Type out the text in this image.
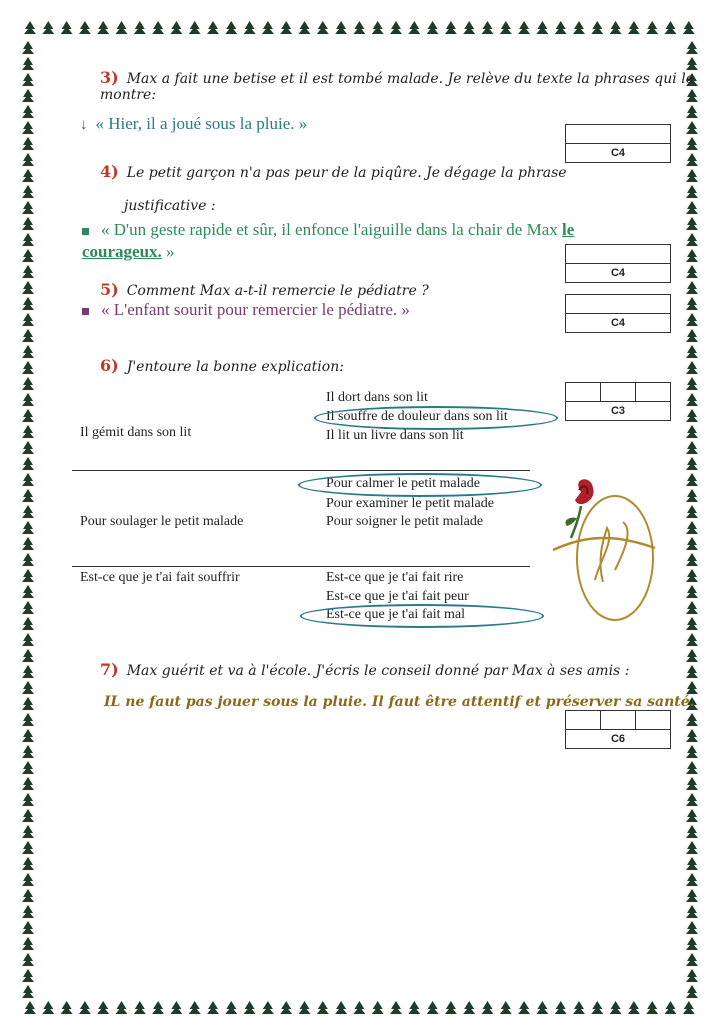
3) Max a fait une betise et il est tombé malade. Je relève du texte la phrases qui le montre:
↓ « Hier, il a joué sous la pluie. »
C4
4) Le petit garçon n'a pas peur de la piqûre. Je dégage la phrase
justificative :
« D'un geste rapide et sûr, il enfonce l'aiguille dans la chair de Max le
courageux. »
C4
5) Comment Max a-t-il remercie le pédiatre ?
« L'enfant sourit pour remercier le pédiatre. »
C4
6) J'entoure la bonne explication:
C3
Il gémit dans son lit
Il dort dans son lit
Il souffre de douleur dans son lit
Il lit un livre dans son lit
Pour calmer le petit malade
Pour examiner le petit malade
Pour soulager le petit malade	Pour soigner le petit malade
Est-ce que je t'ai fait souffrir	Est-ce que je t'ai fait rire
Est-ce que je t'ai fait peur
Est-ce que je t'ai fait mal
7) Max guérit et va à l'école. J'écris le conseil donné par Max à ses amis :
IL ne faut pas jouer sous la pluie. Il faut être attentif et préserver sa santé.
C6
